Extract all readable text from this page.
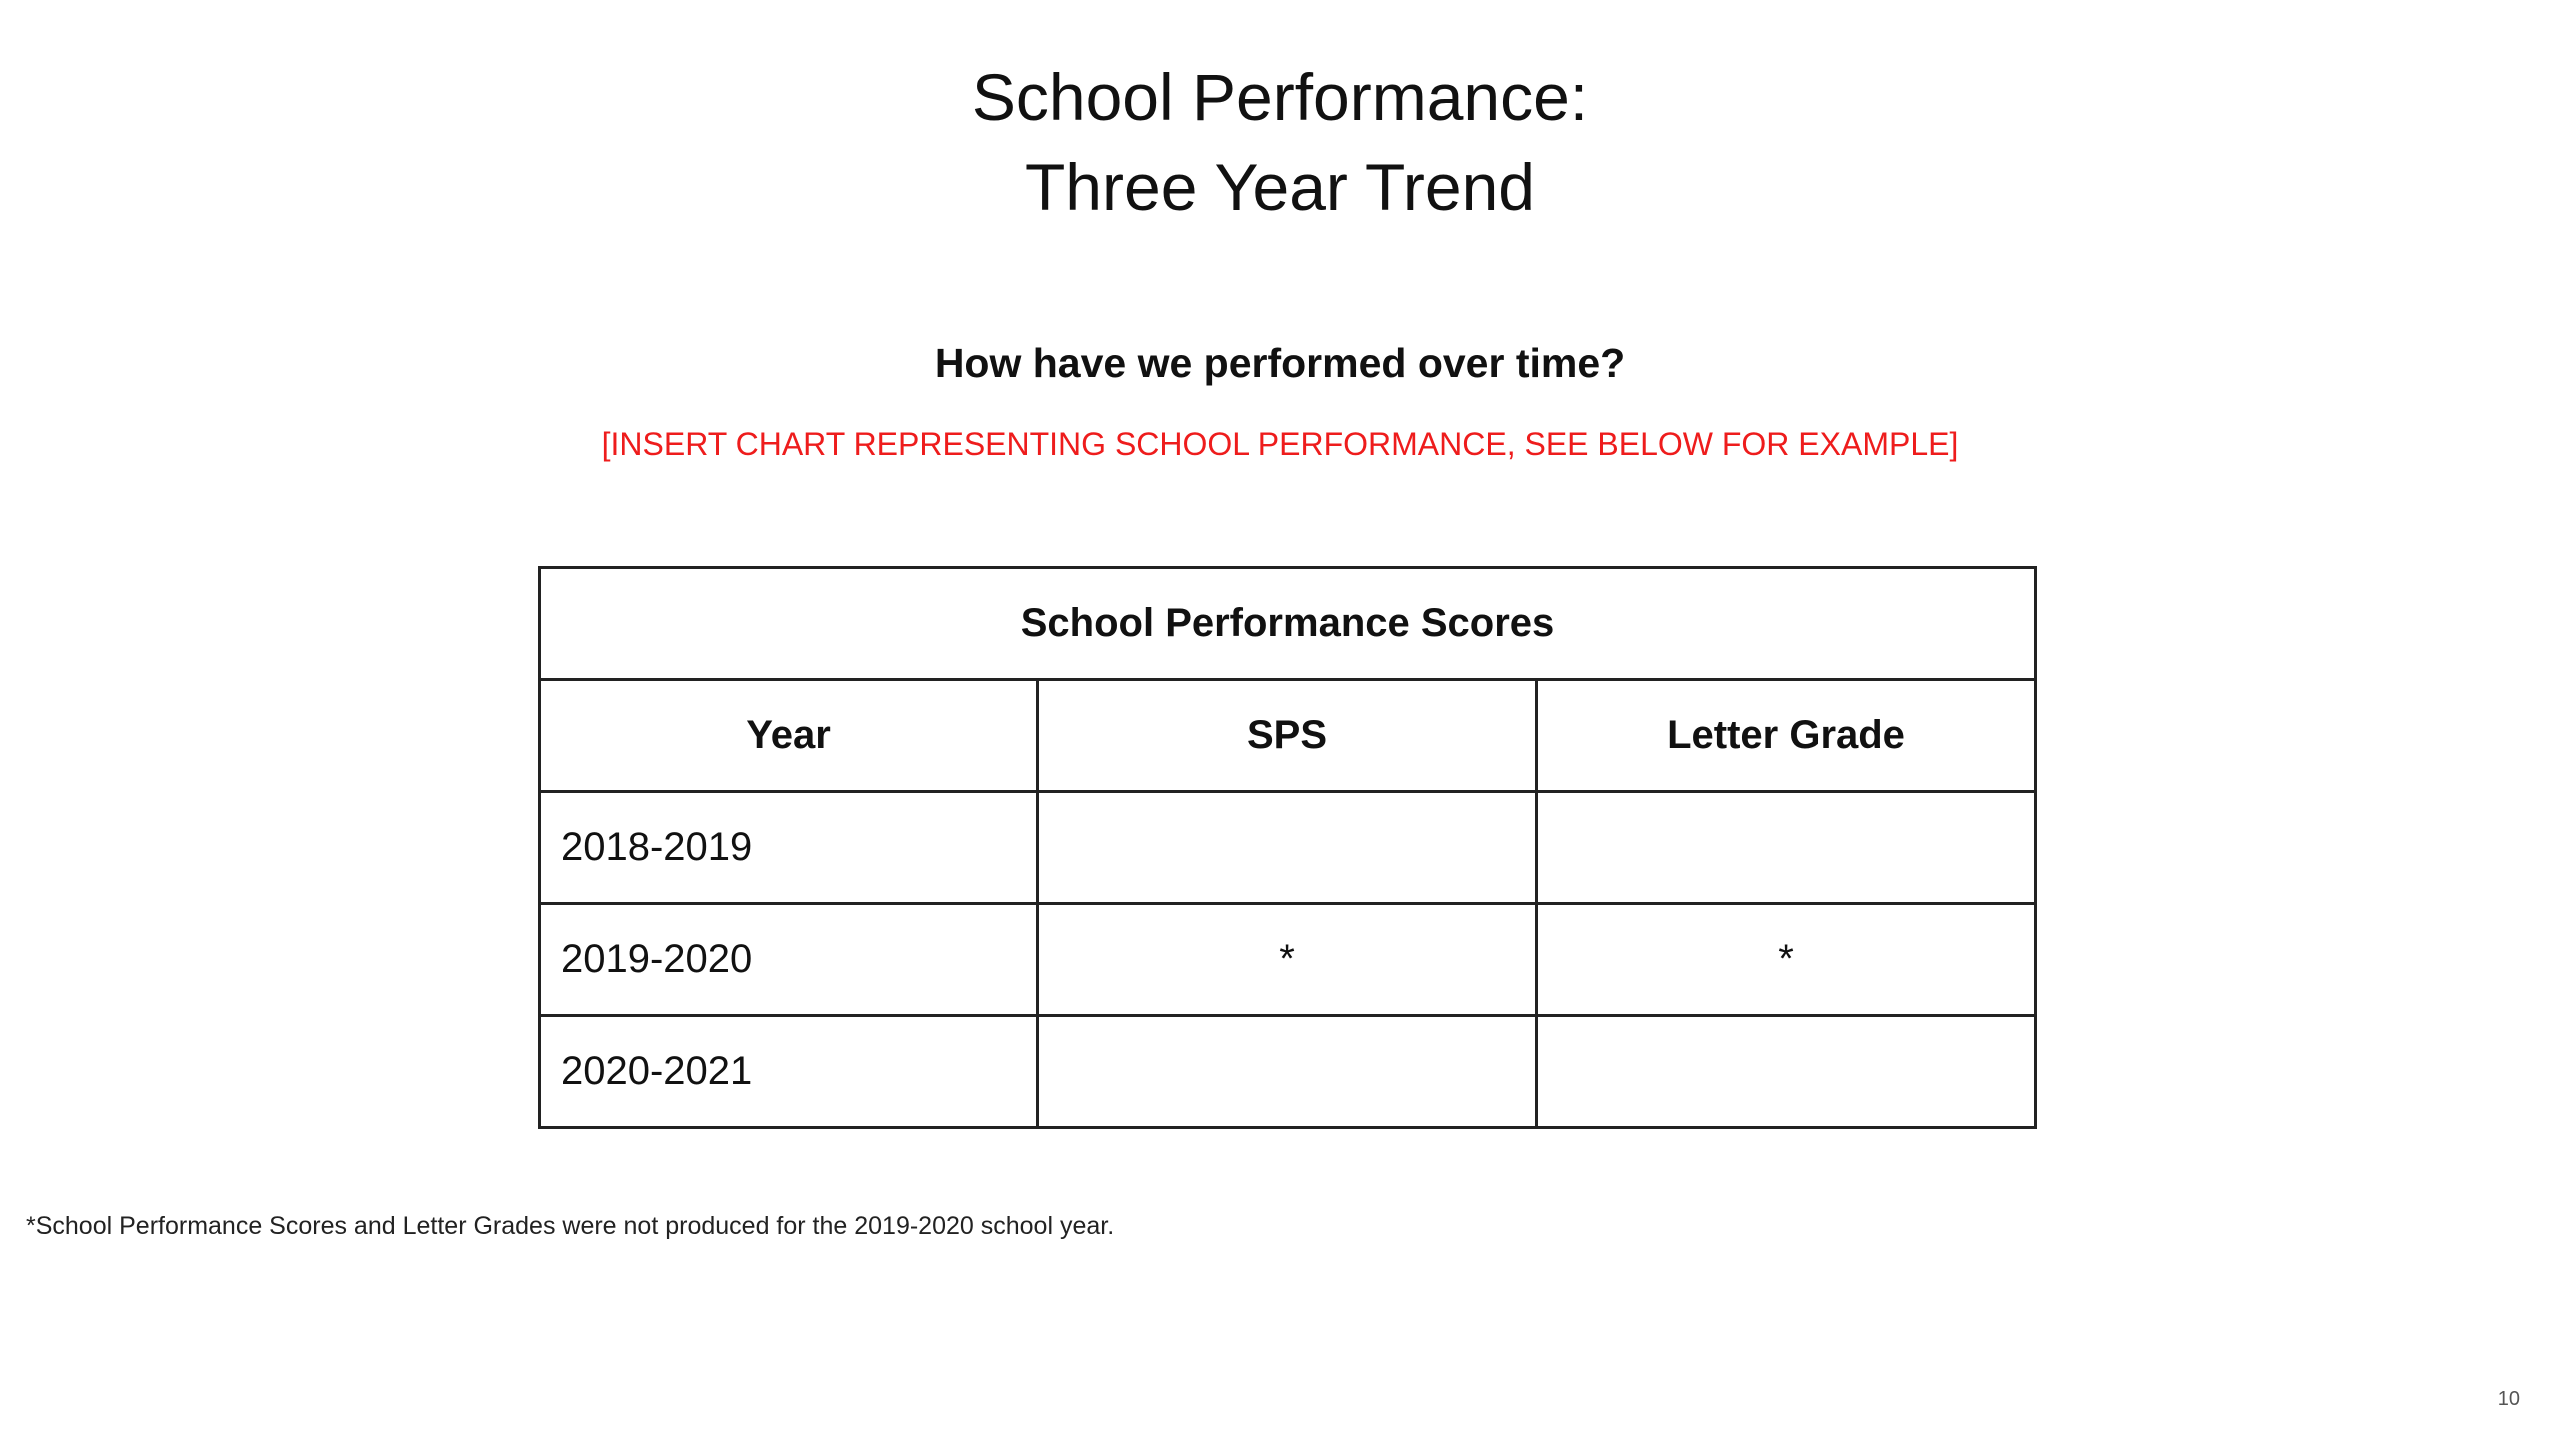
School Performance:
Three Year Trend
How have we performed over time?
[INSERT CHART REPRESENTING SCHOOL PERFORMANCE, SEE BELOW FOR EXAMPLE]
School Performance Scores		
Year	SPS	Letter Grade
2018-2019		
2019-2020	*	*
2020-2021		
*School Performance Scores and Letter Grades were not produced for the 2019-2020 school year.
10
